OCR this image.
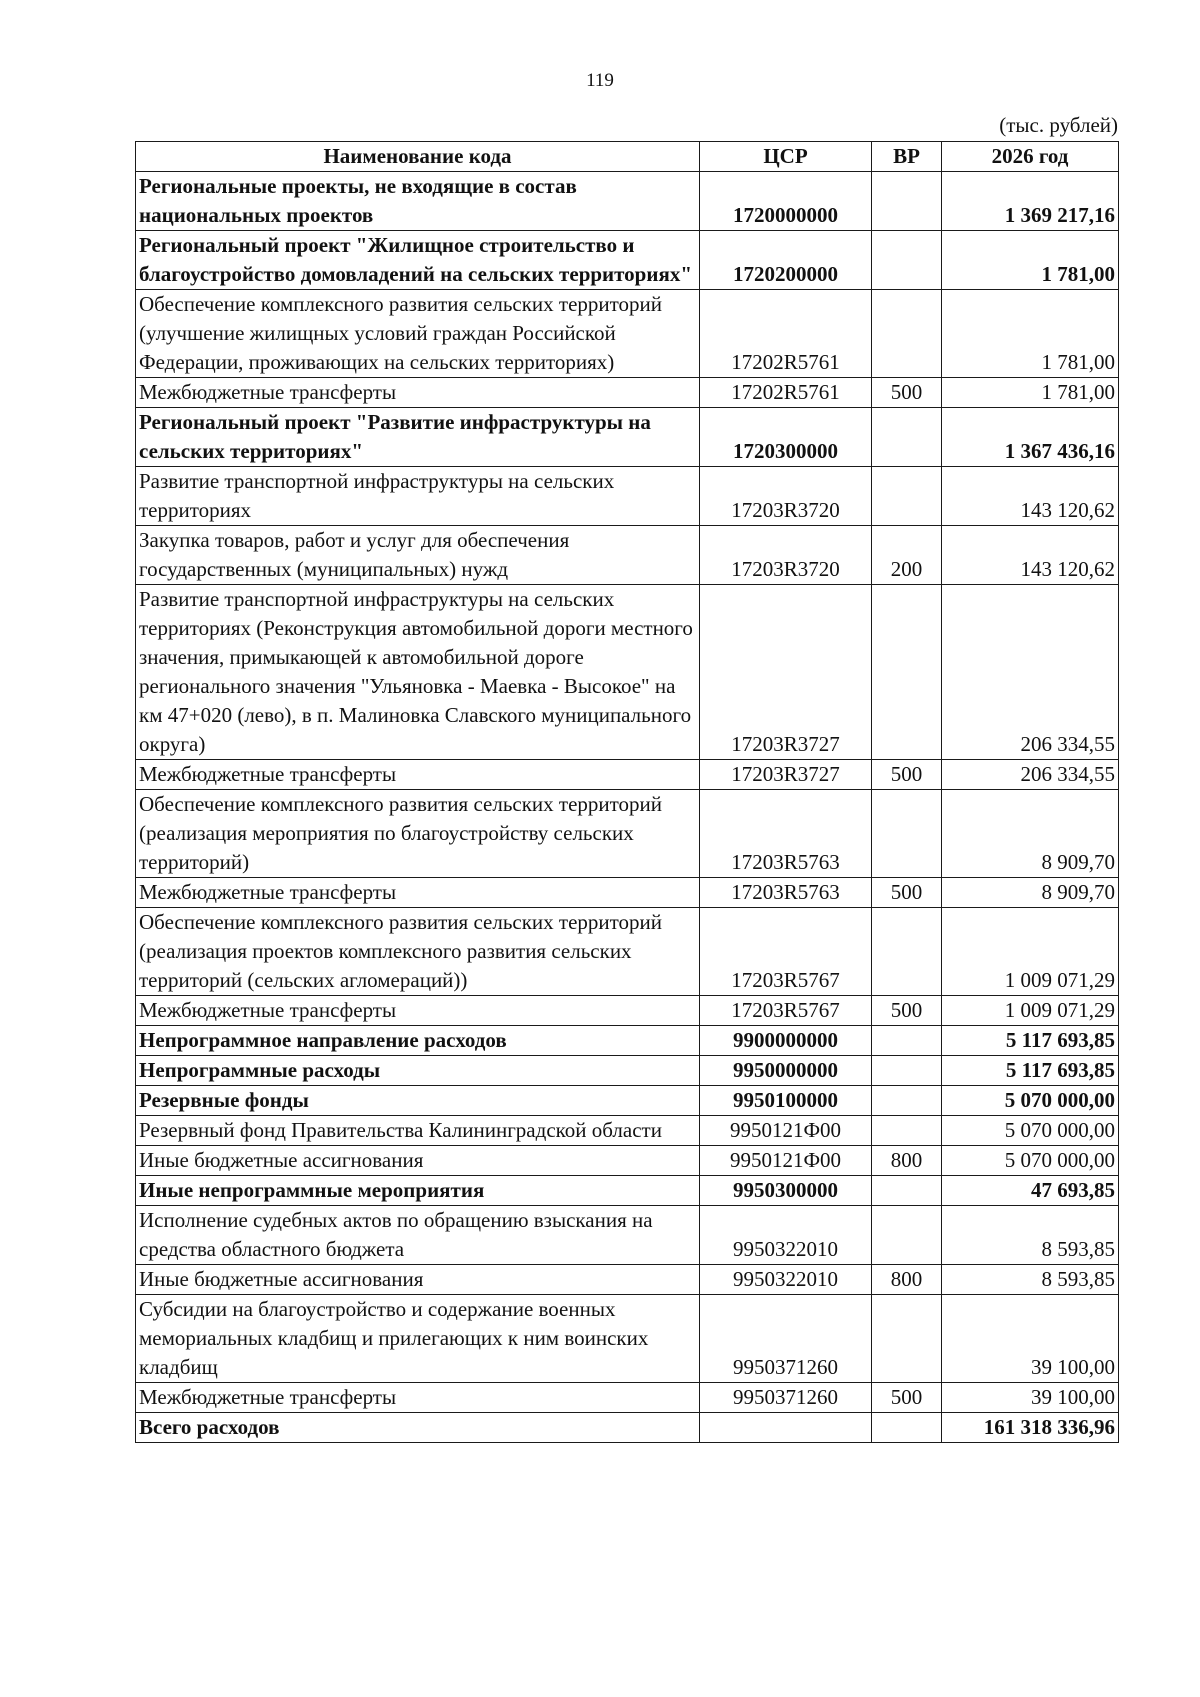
119
(тыс. рублей)
Наименование кода	ЦСР	ВР	2026 год
Региональные проекты, не входящие в состав национальных проектов	1720000000		1 369 217,16
Региональный проект "Жилищное строительство и благоустройство домовладений на сельских территориях"	1720200000		1 781,00
Обеспечение комплексного развития сельских территорий (улучшение жилищных условий граждан Российской Федерации, проживающих на сельских территориях)	17202R5761		1 781,00
Межбюджетные трансферты	17202R5761	500	1 781,00
Региональный проект "Развитие инфраструктуры на сельских территориях"	1720300000		1 367 436,16
Развитие транспортной инфраструктуры на сельских территориях	17203R3720		143 120,62
Закупка товаров, работ и услуг для обеспечения государственных (муниципальных) нужд	17203R3720	200	143 120,62
Развитие транспортной инфраструктуры на сельских территориях (Реконструкция автомобильной дороги местного значения, примыкающей к автомобильной дороге регионального значения "Ульяновка - Маевка - Высокое" на км 47+020 (лево), в п. Малиновка Славского муниципального округа)	17203R3727		206 334,55
Межбюджетные трансферты	17203R3727	500	206 334,55
Обеспечение комплексного развития сельских территорий (реализация мероприятия по благоустройству сельских территорий)	17203R5763		8 909,70
Межбюджетные трансферты	17203R5763	500	8 909,70
Обеспечение комплексного развития сельских территорий (реализация проектов комплексного развития сельских территорий (сельских агломераций))	17203R5767		1 009 071,29
Межбюджетные трансферты	17203R5767	500	1 009 071,29
Непрограммное направление расходов	9900000000		5 117 693,85
Непрограммные расходы	9950000000		5 117 693,85
Резервные фонды	9950100000		5 070 000,00
Резервный фонд Правительства Калининградской области	9950121Ф00		5 070 000,00
Иные бюджетные ассигнования	9950121Ф00	800	5 070 000,00
Иные непрограммные мероприятия	9950300000		47 693,85
Исполнение судебных актов по обращению взыскания на средства областного бюджета	9950322010		8 593,85
Иные бюджетные ассигнования	9950322010	800	8 593,85
Субсидии на благоустройство и содержание военных мемориальных кладбищ и прилегающих к ним воинских кладбищ	9950371260		39 100,00
Межбюджетные трансферты	9950371260	500	39 100,00
Всего расходов			161 318 336,96
